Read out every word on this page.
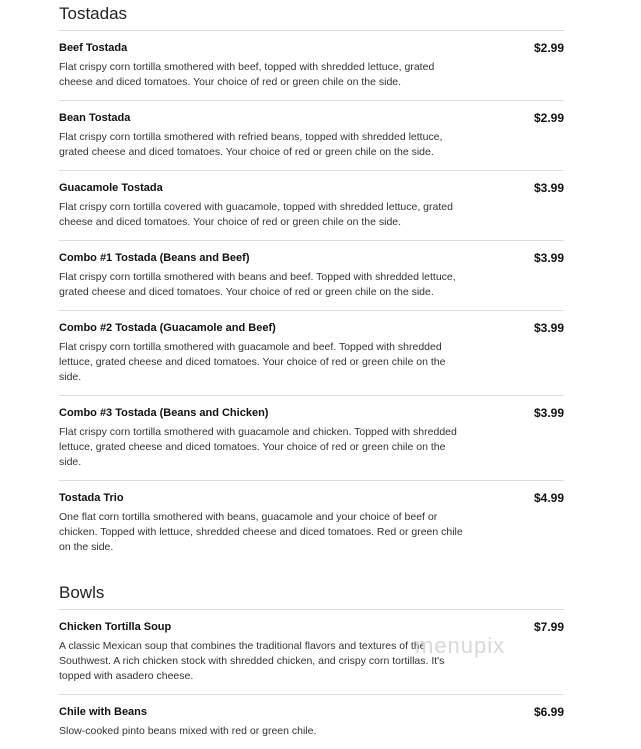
Tostadas
Beef Tostada	$2.99
Flat crispy corn tortilla smothered with beef, topped with shredded lettuce, grated cheese and diced tomatoes. Your choice of red or green chile on the side.
Bean Tostada	$2.99
Flat crispy corn tortilla smothered with refried beans, topped with shredded lettuce, grated cheese and diced tomatoes. Your choice of red or green chile on the side.
Guacamole Tostada	$3.99
Flat crispy corn tortilla covered with guacamole, topped with shredded lettuce, grated cheese and diced tomatoes. Your choice of red or green chile on the side.
Combo #1 Tostada (Beans and Beef)	$3.99
Flat crispy corn tortilla smothered with beans and beef. Topped with shredded lettuce, grated cheese and diced tomatoes. Your choice of red or green chile on the side.
Combo #2 Tostada (Guacamole and Beef)	$3.99
Flat crispy corn tortilla smothered with guacamole and beef. Topped with shredded lettuce, grated cheese and diced tomatoes. Your choice of red or green chile on the side.
Combo #3 Tostada (Beans and Chicken)	$3.99
Flat crispy corn tortilla smothered with guacamole and chicken. Topped with shredded lettuce, grated cheese and diced tomatoes. Your choice of red or green chile on the side.
Tostada Trio	$4.99
One flat corn tortilla smothered with beans, guacamole and your choice of beef or chicken. Topped with lettuce, shredded cheese and diced tomatoes. Red or green chile on the side.
Bowls
Chicken Tortilla Soup	$7.99
A classic Mexican soup that combines the traditional flavors and textures of the Southwest. A rich chicken stock with shredded chicken, and crispy corn tortillas. It's topped with asadero cheese.
Chile with Beans	$6.99
Slow-cooked pinto beans mixed with red or green chile.
menupix
